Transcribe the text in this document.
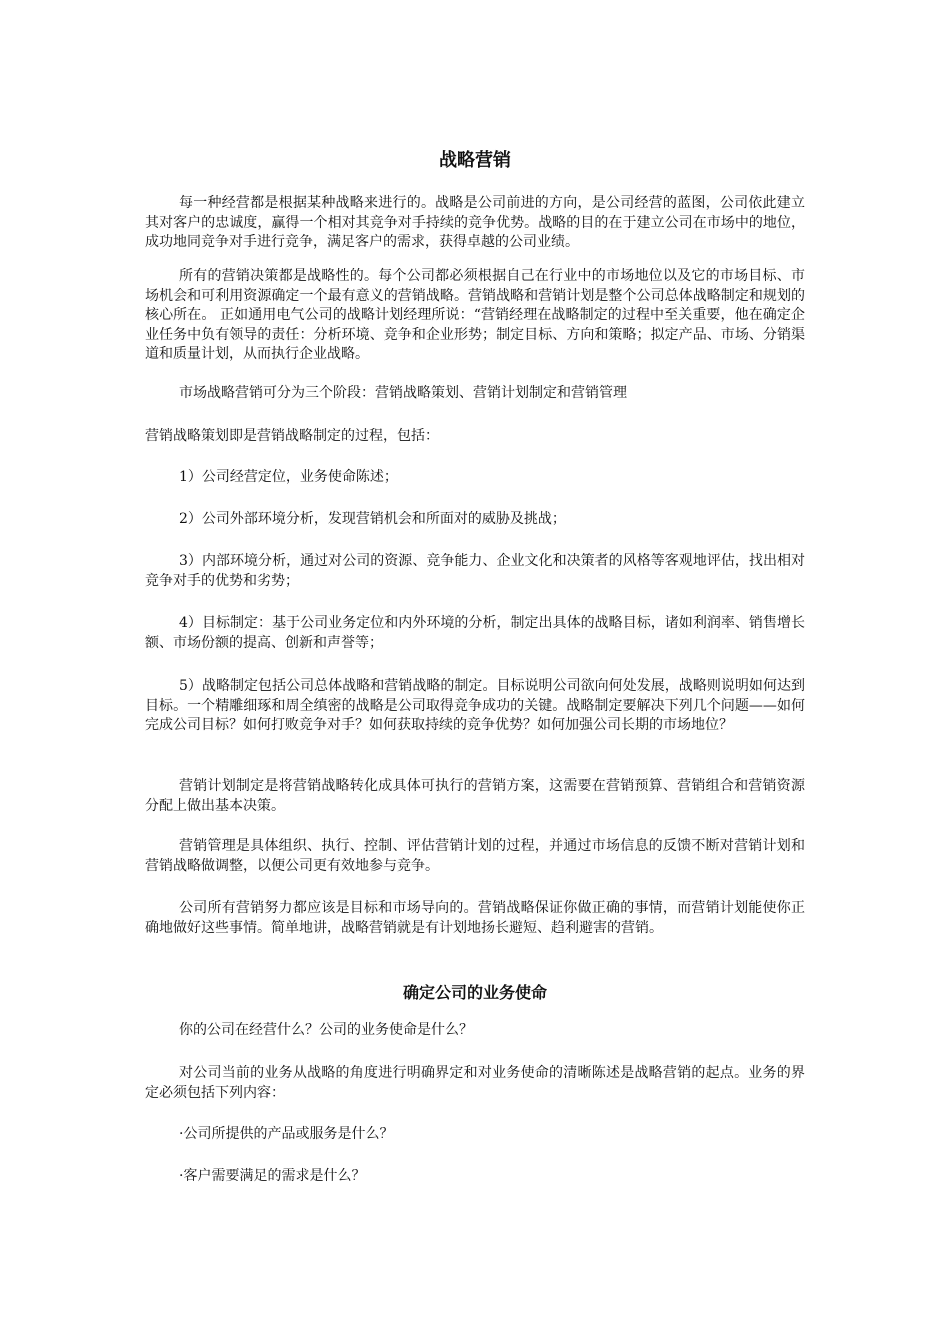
战略营销

每一种经营都是根据某种战略来进行的。战略是公司前进的方向，是公司经营的蓝图，公司依此建立其对客户的忠诚度，赢得一个相对其竞争对手持续的竞争优势。战略的目的在于建立公司在市场中的地位，成功地同竞争对手进行竞争，满足客户的需求，获得卓越的公司业绩。

所有的营销决策都是战略性的。每个公司都必须根据自己在行业中的市场地位以及它的市场目标、市场机会和可利用资源确定一个最有意义的营销战略。营销战略和营销计划是整个公司总体战略制定和规划的核心所在。 正如通用电气公司的战略计划经理所说：“营销经理在战略制定的过程中至关重要，他在确定企业任务中负有领导的责任：分析环境、竞争和企业形势；制定目标、方向和策略；拟定产品、市场、分销渠道和质量计划，从而执行企业战略。

市场战略营销可分为三个阶段：营销战略策划、营销计划制定和营销管理

营销战略策划即是营销战略制定的过程，包括：

1）公司经营定位，业务使命陈述；

2）公司外部环境分析，发现营销机会和所面对的威胁及挑战；

3）内部环境分析，通过对公司的资源、竞争能力、企业文化和决策者的风格等客观地评估，找出相对竞争对手的优势和劣势；

4）目标制定：基于公司业务定位和内外环境的分析，制定出具体的战略目标，诸如利润率、销售增长额、市场份额的提高、创新和声誉等；

5）战略制定包括公司总体战略和营销战略的制定。目标说明公司欲向何处发展，战略则说明如何达到目标。一个精雕细琢和周全缜密的战略是公司取得竞争成功的关键。战略制定要解决下列几个问题——如何完成公司目标？如何打败竞争对手？如何获取持续的竞争优势？如何加强公司长期的市场地位？

营销计划制定是将营销战略转化成具体可执行的营销方案，这需要在营销预算、营销组合和营销资源分配上做出基本决策。

营销管理是具体组织、执行、控制、评估营销计划的过程，并通过市场信息的反馈不断对营销计划和营销战略做调整，以便公司更有效地参与竞争。

公司所有营销努力都应该是目标和市场导向的。营销战略保证你做正确的事情，而营销计划能使你正确地做好这些事情。简单地讲，战略营销就是有计划地扬长避短、趋利避害的营销。

确定公司的业务使命

你的公司在经营什么？公司的业务使命是什么？

对公司当前的业务从战略的角度进行明确界定和对业务使命的清晰陈述是战略营销的起点。业务的界定必须包括下列内容：

·公司所提供的产品或服务是什么？

·客户需要满足的需求是什么？
